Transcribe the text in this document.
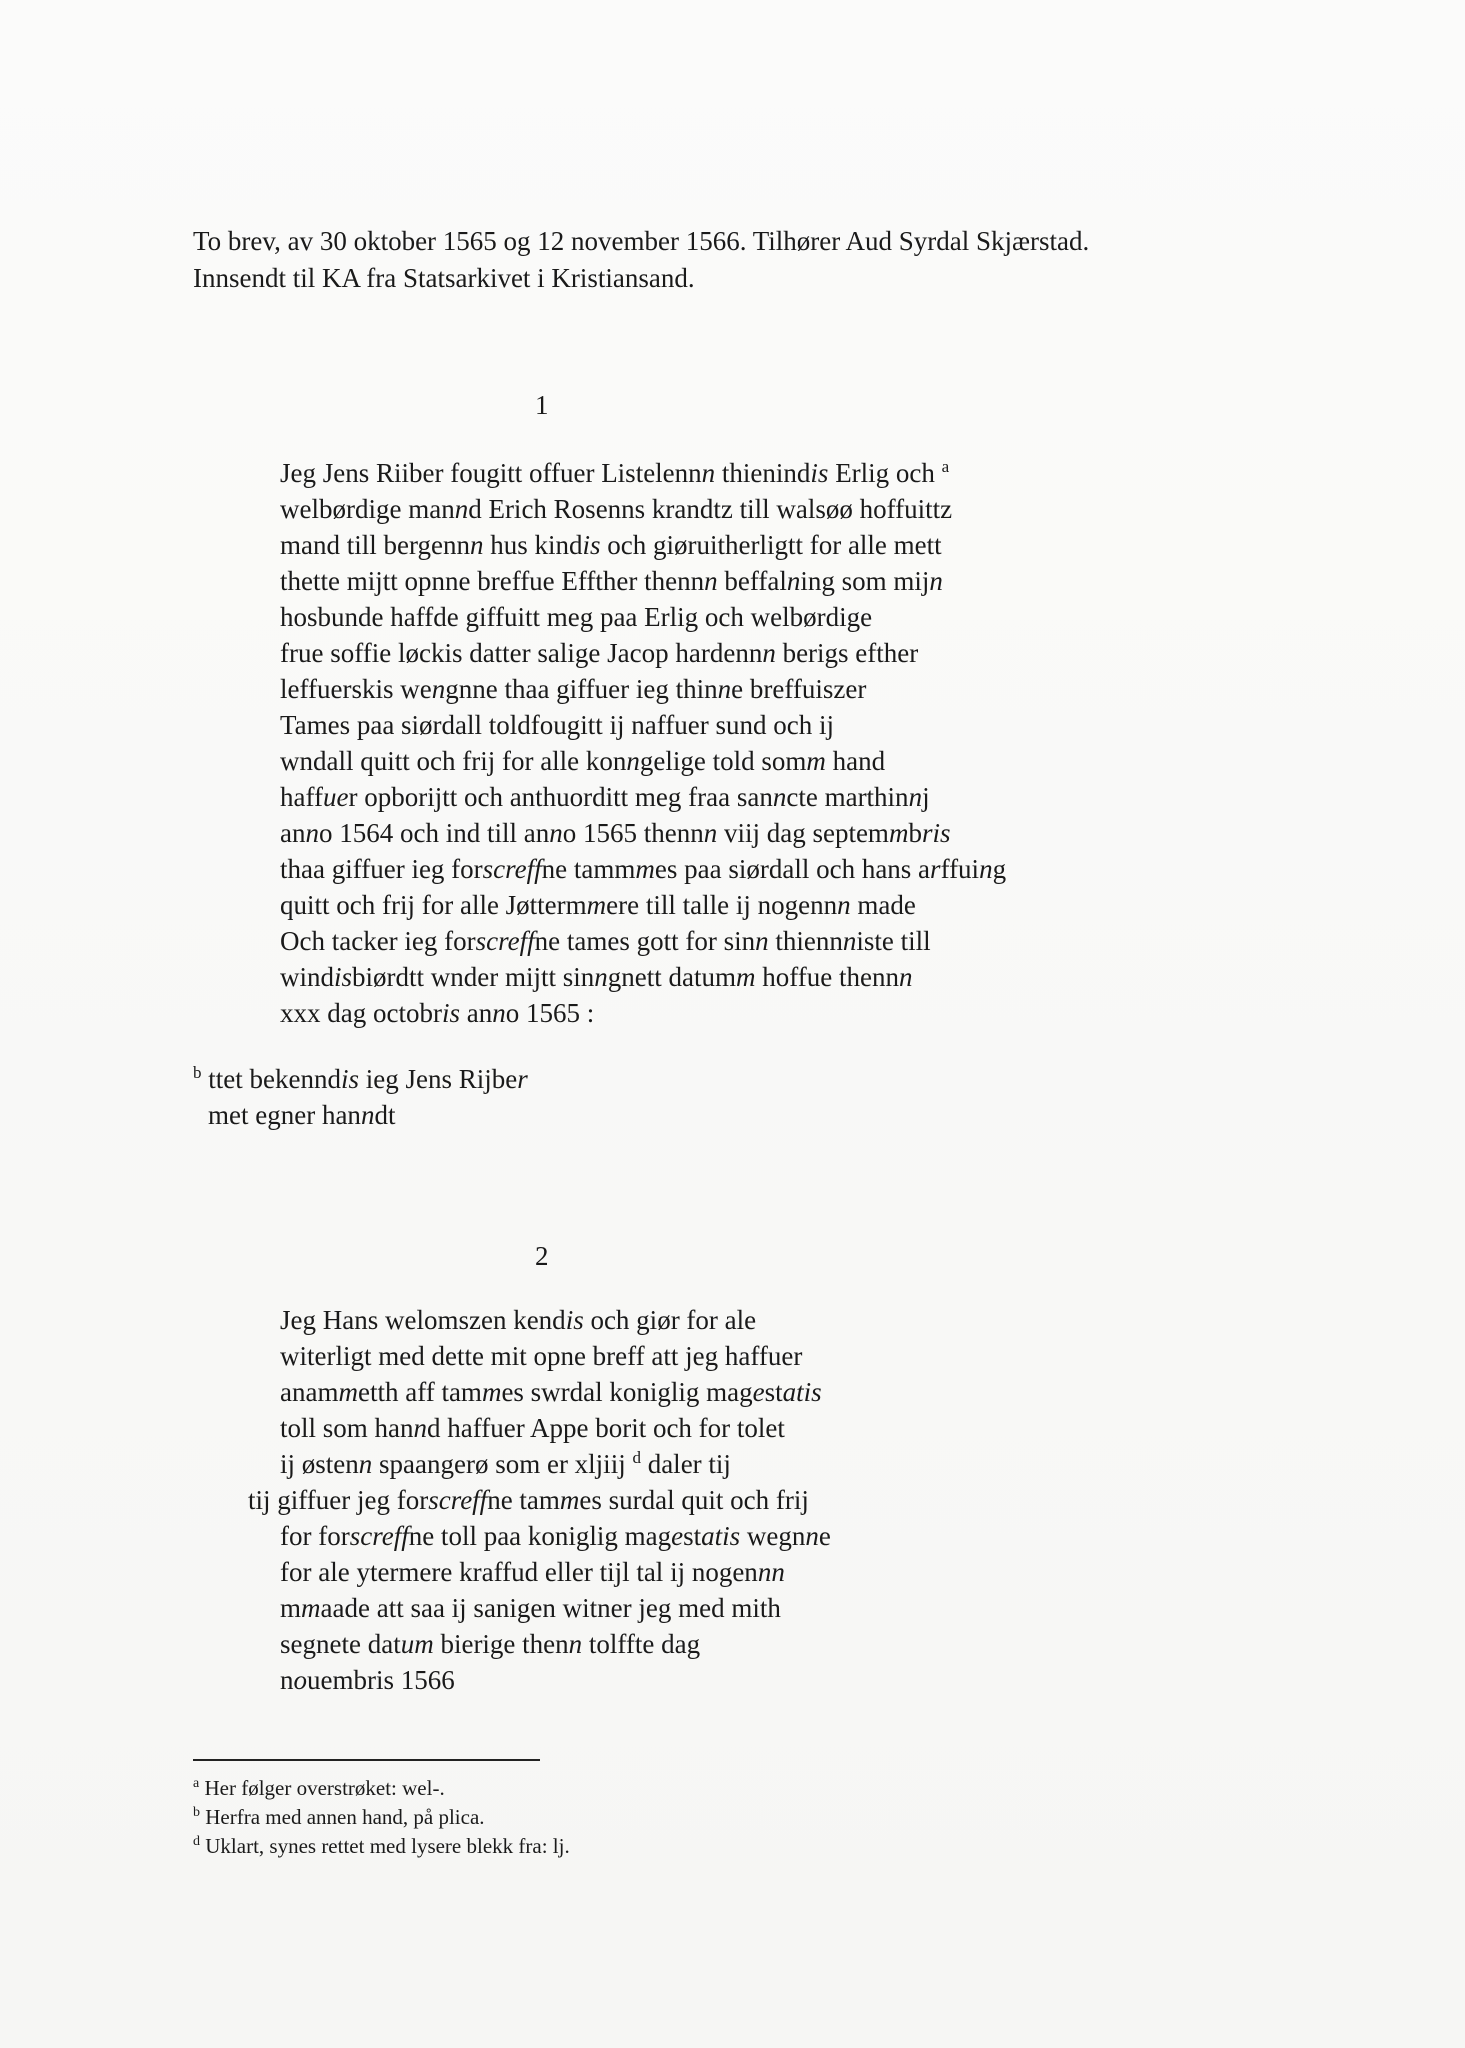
To brev, av 30 oktober 1565 og 12 november 1566. Tilhører Aud Syrdal Skjærstad.
Innsendt til KA fra Statsarkivet i Kristiansand.
1
Jeg Jens Riiber fougitt offuer Listelennn thienindis Erlig och $^a$
welbørdige mannd Erich Rosenns krandtz till walsøø hoffuittz
mand till bergennn hus kindis och giøruitherligtt for alle mett
thette mijtt opnne breffue Effther thennn beffalning som mijn
hosbunde haffde giffuitt meg paa Erlig och welbørdige
frue soffie løckis datter salige Jacop hardennn berigs efther
leffuerskis wengnne thaa giffuer ieg thinne breffuiszer
Tames paa siørdall toldfougitt ij naffuer sund och ij
wndall quitt och frij for alle konngelige told somm hand
haffuer opborijtt och anthuorditt meg fraa sanncte marthinnj
anno 1564 och ind till anno 1565 thennn viij dag septemmbris
thaa giffuer ieg forscreffne tammmes paa siørdall och hans arffuing
quitt och frij for alle Jøttermmere till talle ij nogennn made
Och tacker ieg forscreffne tames gott for sinn thiennniste till
windisbiørdtt wnder mijtt sinngnett datumm hoffue thennn
xxx dag octobris anno 1565 :
$^b$ ttet bekenndis ieg Jens Rijber
met egner hanndt
2
Jeg Hans welomszen kendis och giør for ale
witerligt med dette mit opne breff att jeg haffuer
anammetth aff tammes swrdal koniglig magestatis
toll som hannd haffuer Appe borit och for tolet
ij østenn spaangerø som er xljiij $^d$ daler tij
tij giffuer jeg forscreffne tammes surdal quit och frij
for forscreffne toll paa koniglig magestatis wegnne
for ale ytermere kraffud eller tijl tal ij nogennn
mmaade att saa ij sanigen witner jeg med mith
segnete datum bierige thenn tolffte dag
nouembris 1566
$^a$ Her følger overstrøket: wel-.
$^b$ Herfra med annen hand, på plica.
$^d$ Uklart, synes rettet med lysere blekk fra: lj.
